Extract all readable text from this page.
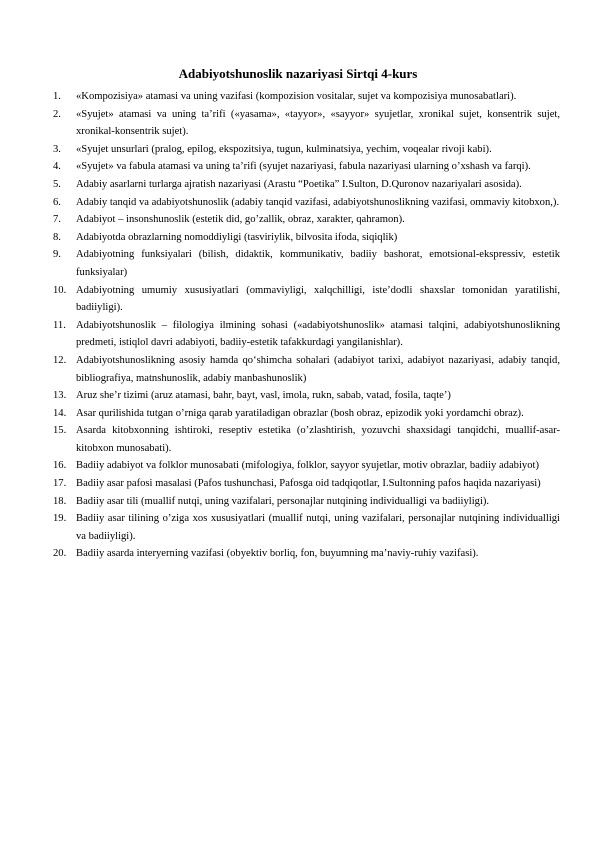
Adabiyotshunoslik nazariyasi Sirtqi 4-kurs
1. «Kompozisiya» atamasi va uning vazifasi (kompozision vositalar, sujet va kompozisiya munosabatlari).
2. «Syujet» atamasi va uning ta’rifi («yasama», «tayyor», «sayyor» syujetlar, xronikal sujet, konsentrik sujet, xronikal-konsentrik sujet).
3. «Syujet unsurlari (pralog, epilog, ekspozitsiya, tugun, kulminatsiya, yechim, voqealar rivoji kabi).
4. «Syujet» va fabula atamasi va uning ta’rifi (syujet nazariyasi, fabula nazariyasi ularning o’xshash va farqi).
5. Adabiy asarlarni turlarga ajratish nazariyasi (Arastu “Poetika” I.Sulton, D.Quronov nazariyalari asosida).
6. Adabiy tanqid va adabiyotshunoslik (adabiy tanqid vazifasi, adabiyotshunoslikning vazifasi, ommaviy kitobxon,).
7. Adabiyot – insonshunoslik (estetik did, go’zallik, obraz, xarakter, qahramon).
8. Adabiyotda obrazlarning nomoddiyligi (tasviriylik, bilvosita ifoda, siqiqlik)
9. Adabiyotning funksiyalari (bilish, didaktik, kommunikativ, badiiy bashorat, emotsional-ekspressiv, estetik funksiyalar)
10. Adabiyotning umumiy xususiyatlari (ommaviyligi, xalqchilligi, iste’dodli shaxslar tomonidan yaratilishi, badiiyligi).
11. Adabiyotshunoslik – filologiya ilmining sohasi («adabiyotshunoslik» atamasi talqini, adabiyotshunoslikning predmeti, istiqlol davri adabiyoti, badiiy-estetik tafakkurdagi yangilanishlar).
12. Adabiyotshunoslikning asosiy hamda qo‘shimcha sohalari (adabiyot tarixi, adabiyot nazariyasi, adabiy tanqid, bibliografiya, matnshunoslik, adabiy manbashunoslik)
13. Aruz she’r tizimi (aruz atamasi, bahr, bayt, vasl, imola, rukn, sabab, vatad, fosila, taqte’)
14. Asar qurilishida tutgan o’rniga qarab yaratiladigan obrazlar (bosh obraz, epizodik yoki yordamchi obraz).
15. Asarda kitobxonning ishtiroki, reseptiv estetika (o’zlashtirish, yozuvchi shaxsidagi tanqidchi, muallif-asar-kitobxon munosabati).
16. Badiiy adabiyot va folklor munosabati (mifologiya, folklor, sayyor syujetlar, motiv obrazlar, badiiy adabiyot)
17. Badiiy asar pafosi masalasi (Pafos tushunchasi, Pafosga oid tadqiqotlar, I.Sultonning pafos haqida nazariyasi)
18. Badiiy asar tili (muallif nutqi, uning vazifalari, personajlar nutqining individualligi va badiiyligi).
19. Badiiy asar tilining o’ziga xos xususiyatlari (muallif nutqi, uning vazifalari, personajlar nutqining individualligi va badiiyligi).
20. Badiiy asarda interyerning vazifasi (obyektiv borliq, fon, buyumning ma’naviy-ruhiy vazifasi).
